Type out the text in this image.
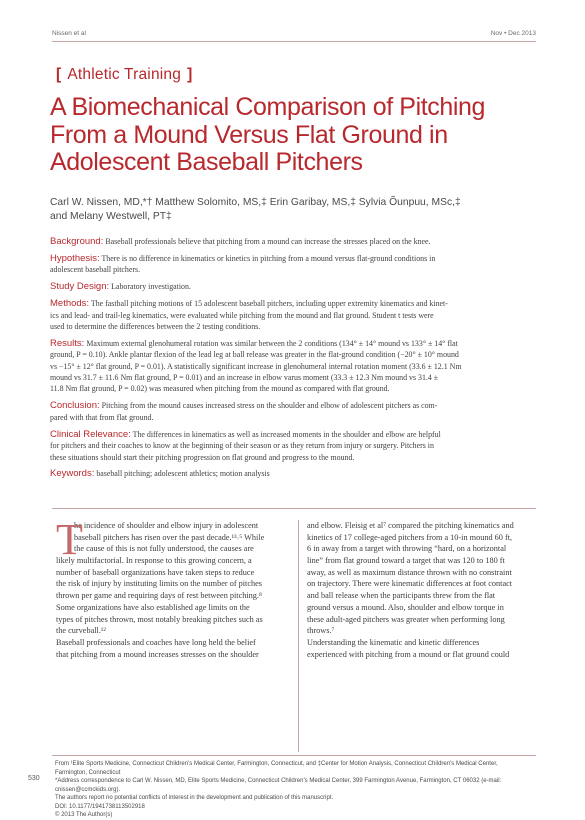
Nissen et al	Nov • Dec 2013
[ Athletic Training ]
A Biomechanical Comparison of Pitching
From a Mound Versus Flat Ground in
Adolescent Baseball Pitchers
Carl W. Nissen, MD,*† Matthew Solomito, MS,‡ Erin Garibay, MS,‡ Sylvia Õunpuu, MSc,‡
and Melany Westwell, PT‡
Background: Baseball professionals believe that pitching from a mound can increase the stresses placed on the knee.
Hypothesis: There is no difference in kinematics or kinetics in pitching from a mound versus flat-ground conditions in
adolescent baseball pitchers.
Study Design: Laboratory investigation.
Methods: The fastball pitching motions of 15 adolescent baseball pitchers, including upper extremity kinematics and kinet-
ics and lead- and trail-leg kinematics, were evaluated while pitching from the mound and flat ground. Student t tests were
used to determine the differences between the 2 testing conditions.
Results: Maximum external glenohumeral rotation was similar between the 2 conditions (134° ± 14° mound vs 133° ± 14° flat
ground, P = 0.10). Ankle plantar flexion of the lead leg at ball release was greater in the flat-ground condition (−20° ± 10° mound
vs −15° ± 12° flat ground, P = 0.01). A statistically significant increase in glenohumeral internal rotation moment (33.6 ± 12.1 Nm
mound vs 31.7 ± 11.6 Nm flat ground, P = 0.01) and an increase in elbow varus moment (33.3 ± 12.3 Nm mound vs 31.4 ±
11.8 Nm flat ground, P = 0.02) was measured when pitching from the mound as compared with flat ground.
Conclusion: Pitching from the mound causes increased stress on the shoulder and elbow of adolescent pitchers as com-
pared with that from flat ground.
Clinical Relevance: The differences in kinematics as well as increased moments in the shoulder and elbow are helpful
for pitchers and their coaches to know at the beginning of their season or as they return from injury or surgery. Pitchers in
these situations should start their pitching progression on flat ground and progress to the mound.
Keywords: baseball pitching; adolescent athletics; motion analysis
T
he incidence of shoulder and elbow injury in adolescent
baseball pitchers has risen over the past decade.¹³˒⁵ While
the cause of this is not fully understood, the causes are
likely multifactorial. In response to this growing concern, a
number of baseball organizations have taken steps to reduce
the risk of injury by instituting limits on the number of pitches
thrown per game and requiring days of rest between pitching.⁸
Some organizations have also established age limits on the
types of pitches thrown, most notably breaking pitches such as
the curveball.¹²
Baseball professionals and coaches have long held the belief
that pitching from a mound increases stresses on the shoulder
and elbow. Fleisig et al⁷ compared the pitching kinematics and
kinetics of 17 college-aged pitchers from a 10-in mound 60 ft,
6 in away from a target with throwing “hard, on a horizontal
line” from flat ground toward a target that was 120 to 180 ft
away, as well as maximum distance thrown with no constraint
on trajectory. There were kinematic differences at foot contact
and ball release when the participants threw from the flat
ground versus a mound. Also, shoulder and elbow torque in
these adult-aged pitchers was greater when performing long
throws.⁷
Understanding the kinematic and kinetic differences
experienced with pitching from a mound or flat ground could
From ¹Elite Sports Medicine, Connecticut Children’s Medical Center, Farmington, Connecticut, and ‡Center for Motion Analysis, Connecticut Children’s Medical Center,
Farmington, Connecticut
*Address correspondence to Carl W. Nissen, MD, Elite Sports Medicine, Connecticut Children’s Medical Center, 399 Farmington Avenue, Farmington, CT 06032 (e-mail:
cnissen@ccmckids.org).
The authors report no potential conflicts of interest in the development and publication of this manuscript.
DOI: 10.1177/1941738113502918
© 2013 The Author(s)
530
